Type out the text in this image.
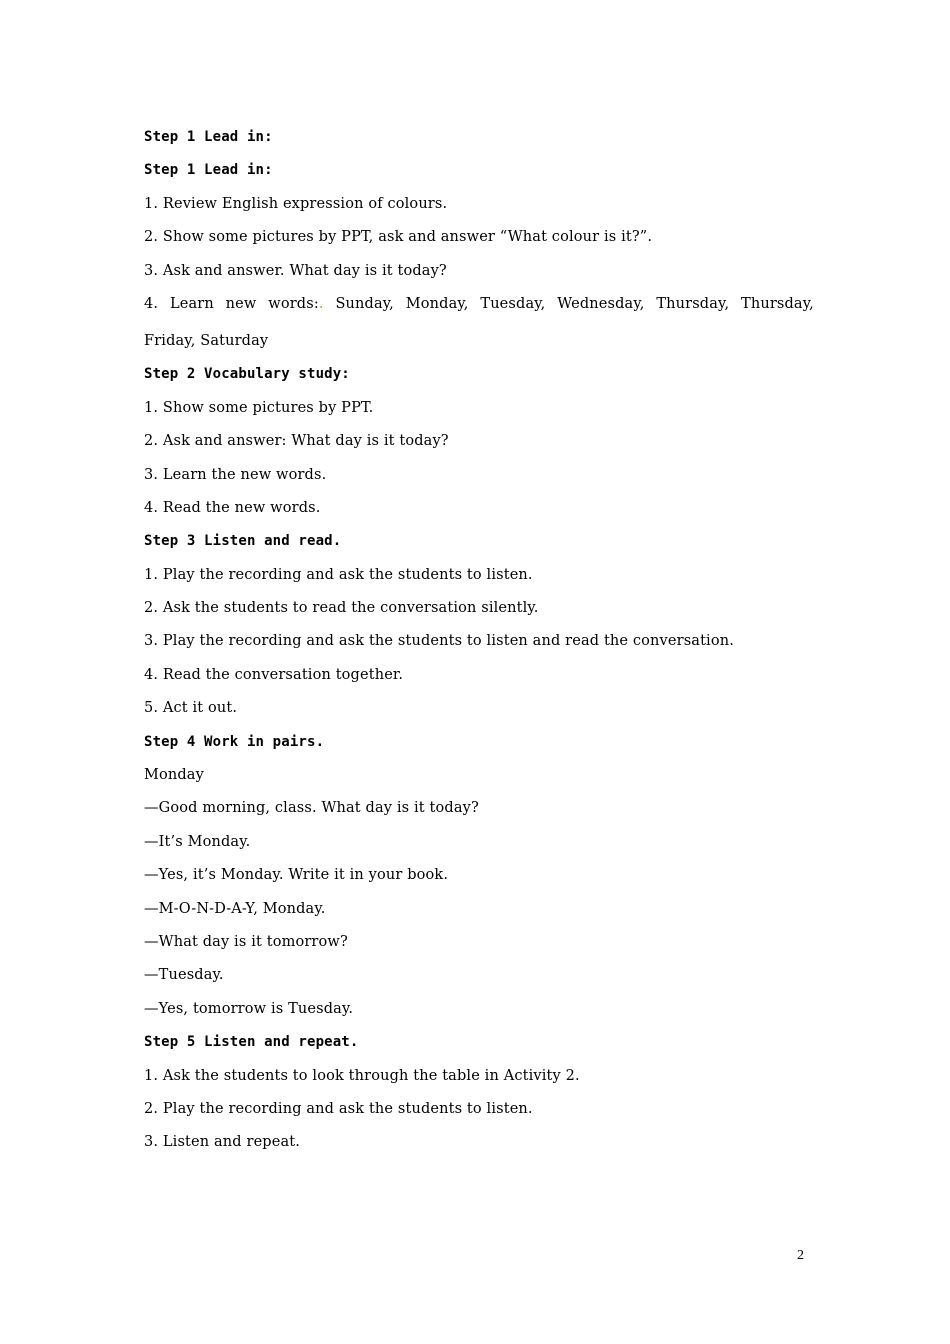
Step 1 Lead in:
Step 1 Lead in:
1. Review English expression of colours.
2. Show some pictures by PPT, ask and answer “What colour is it?”.
3. Ask and answer. What day is it today?
4. Learn new words:. Sunday, Monday, Tuesday, Wednesday, Thursday, Thursday,
Friday, Saturday
Step 2 Vocabulary study:
1. Show some pictures by PPT.
2. Ask and answer: What day is it today?
3. Learn the new words.
4. Read the new words.
Step 3 Listen and read.
1. Play the recording and ask the students to listen.
2. Ask the students to read the conversation silently.
3. Play the recording and ask the students to listen and read the conversation.
4. Read the conversation together.
5. Act it out.
Step 4 Work in pairs.
Monday
—Good morning, class. What day is it today?
—It’s Monday.
—Yes, it’s Monday. Write it in your book.
—M-O-N-D-A-Y, Monday.
—What day is it tomorrow?
—Tuesday.
—Yes, tomorrow is Tuesday.
Step 5 Listen and repeat.
1. Ask the students to look through the table in Activity 2.
2. Play the recording and ask the students to listen.
3. Listen and repeat.
2
